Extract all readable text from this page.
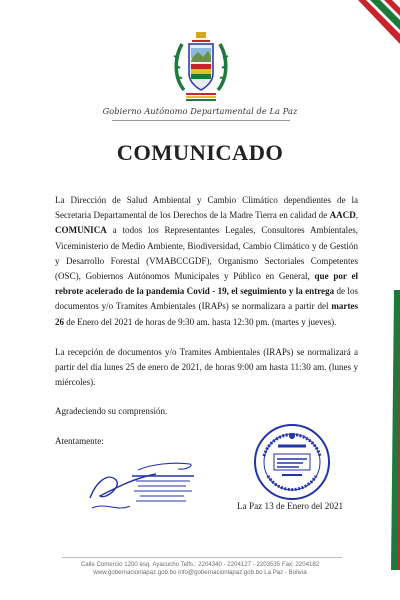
Gobierno Autónomo Departamental de La Paz
COMUNICADO

La Dirección de Salud Ambiental y Cambio Climático dependientes de la Secretaria Departamental de los Derechos de la Madre Tierra en calidad de AACD, COMUNICA a todos los Representantes Legales, Consultores Ambientales, Viceministerio de Medio Ambiente, Biodiversidad, Cambio Climático y de Gestión y Desarrollo Forestal (VMABCCGDF), Organismo Sectoriales Competentes (OSC), Gobiernos Autónomos Municipales y Público en General, que por el rebrote acelerado de la pandemia Covid - 19, el seguimiento y la entrega de los documentos y/o Tramites Ambientales (IRAPs) se normalizara a partir del martes 26 de Enero del 2021 de horas de 9:30 am. hasta 12:30 pm. (martes y jueves).

La recepción de documentos y/o Tramites Ambientales (IRAPs) se normalizará a partir del día lunes 25 de enero de 2021, de horas 9:00 am hasta 11:30 am. (lunes y miércoles).

Agradeciendo su comprensión.

Atentamente:

La Paz 13 de Enero del 2021
Calle Comercio 1200 esq. Ayacucho Telfs.: 2204340 - 2204127 - 2203535 Fax: 2204182
www.gobernacionlapaz.gob.bo info@gobernacionlapaz.gob.bo La Paz - Bolivia
